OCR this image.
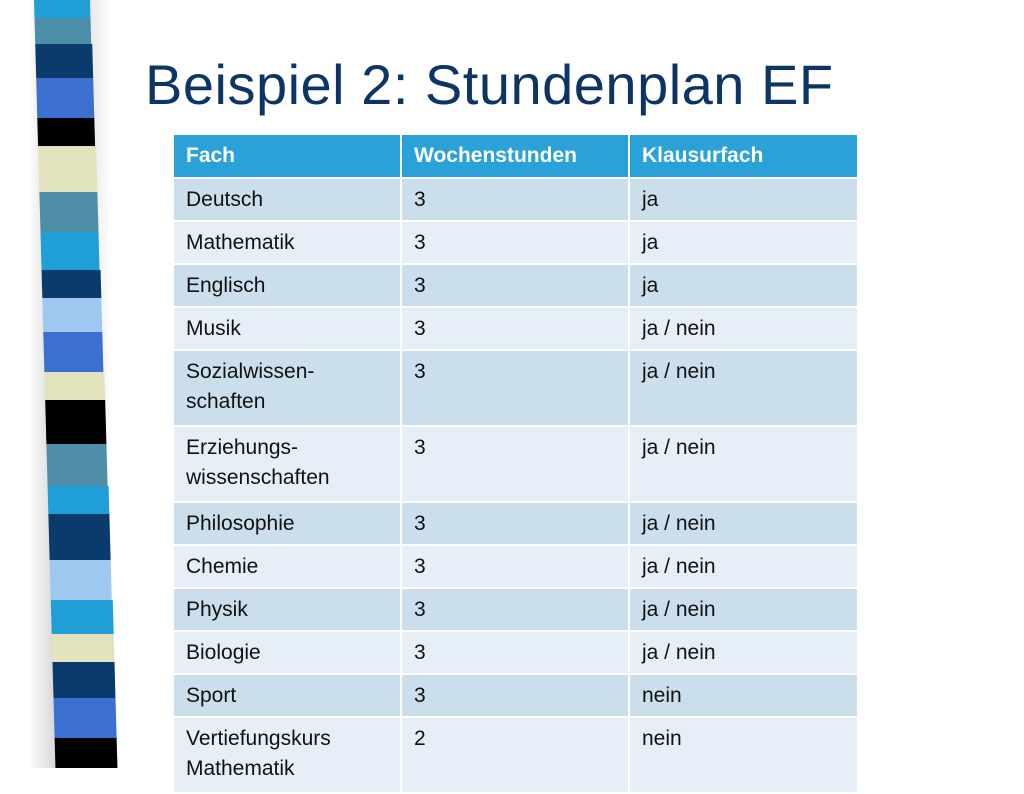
Beispiel 2: Stundenplan EF
Fach	Wochenstunden	Klausurfach
Deutsch	3	ja
Mathematik	3	ja
Englisch	3	ja
Musik	3	ja / nein

Sozialwissen-
schaften	3	ja / nein

Erziehungs-
wissenschaften	3	ja / nein
Philosophie	3	ja / nein
Chemie	3	ja / nein
Physik	3	ja / nein
Biologie	3	ja / nein
Sport	3	nein

Vertiefungskurs
Mathematik	2	nein
